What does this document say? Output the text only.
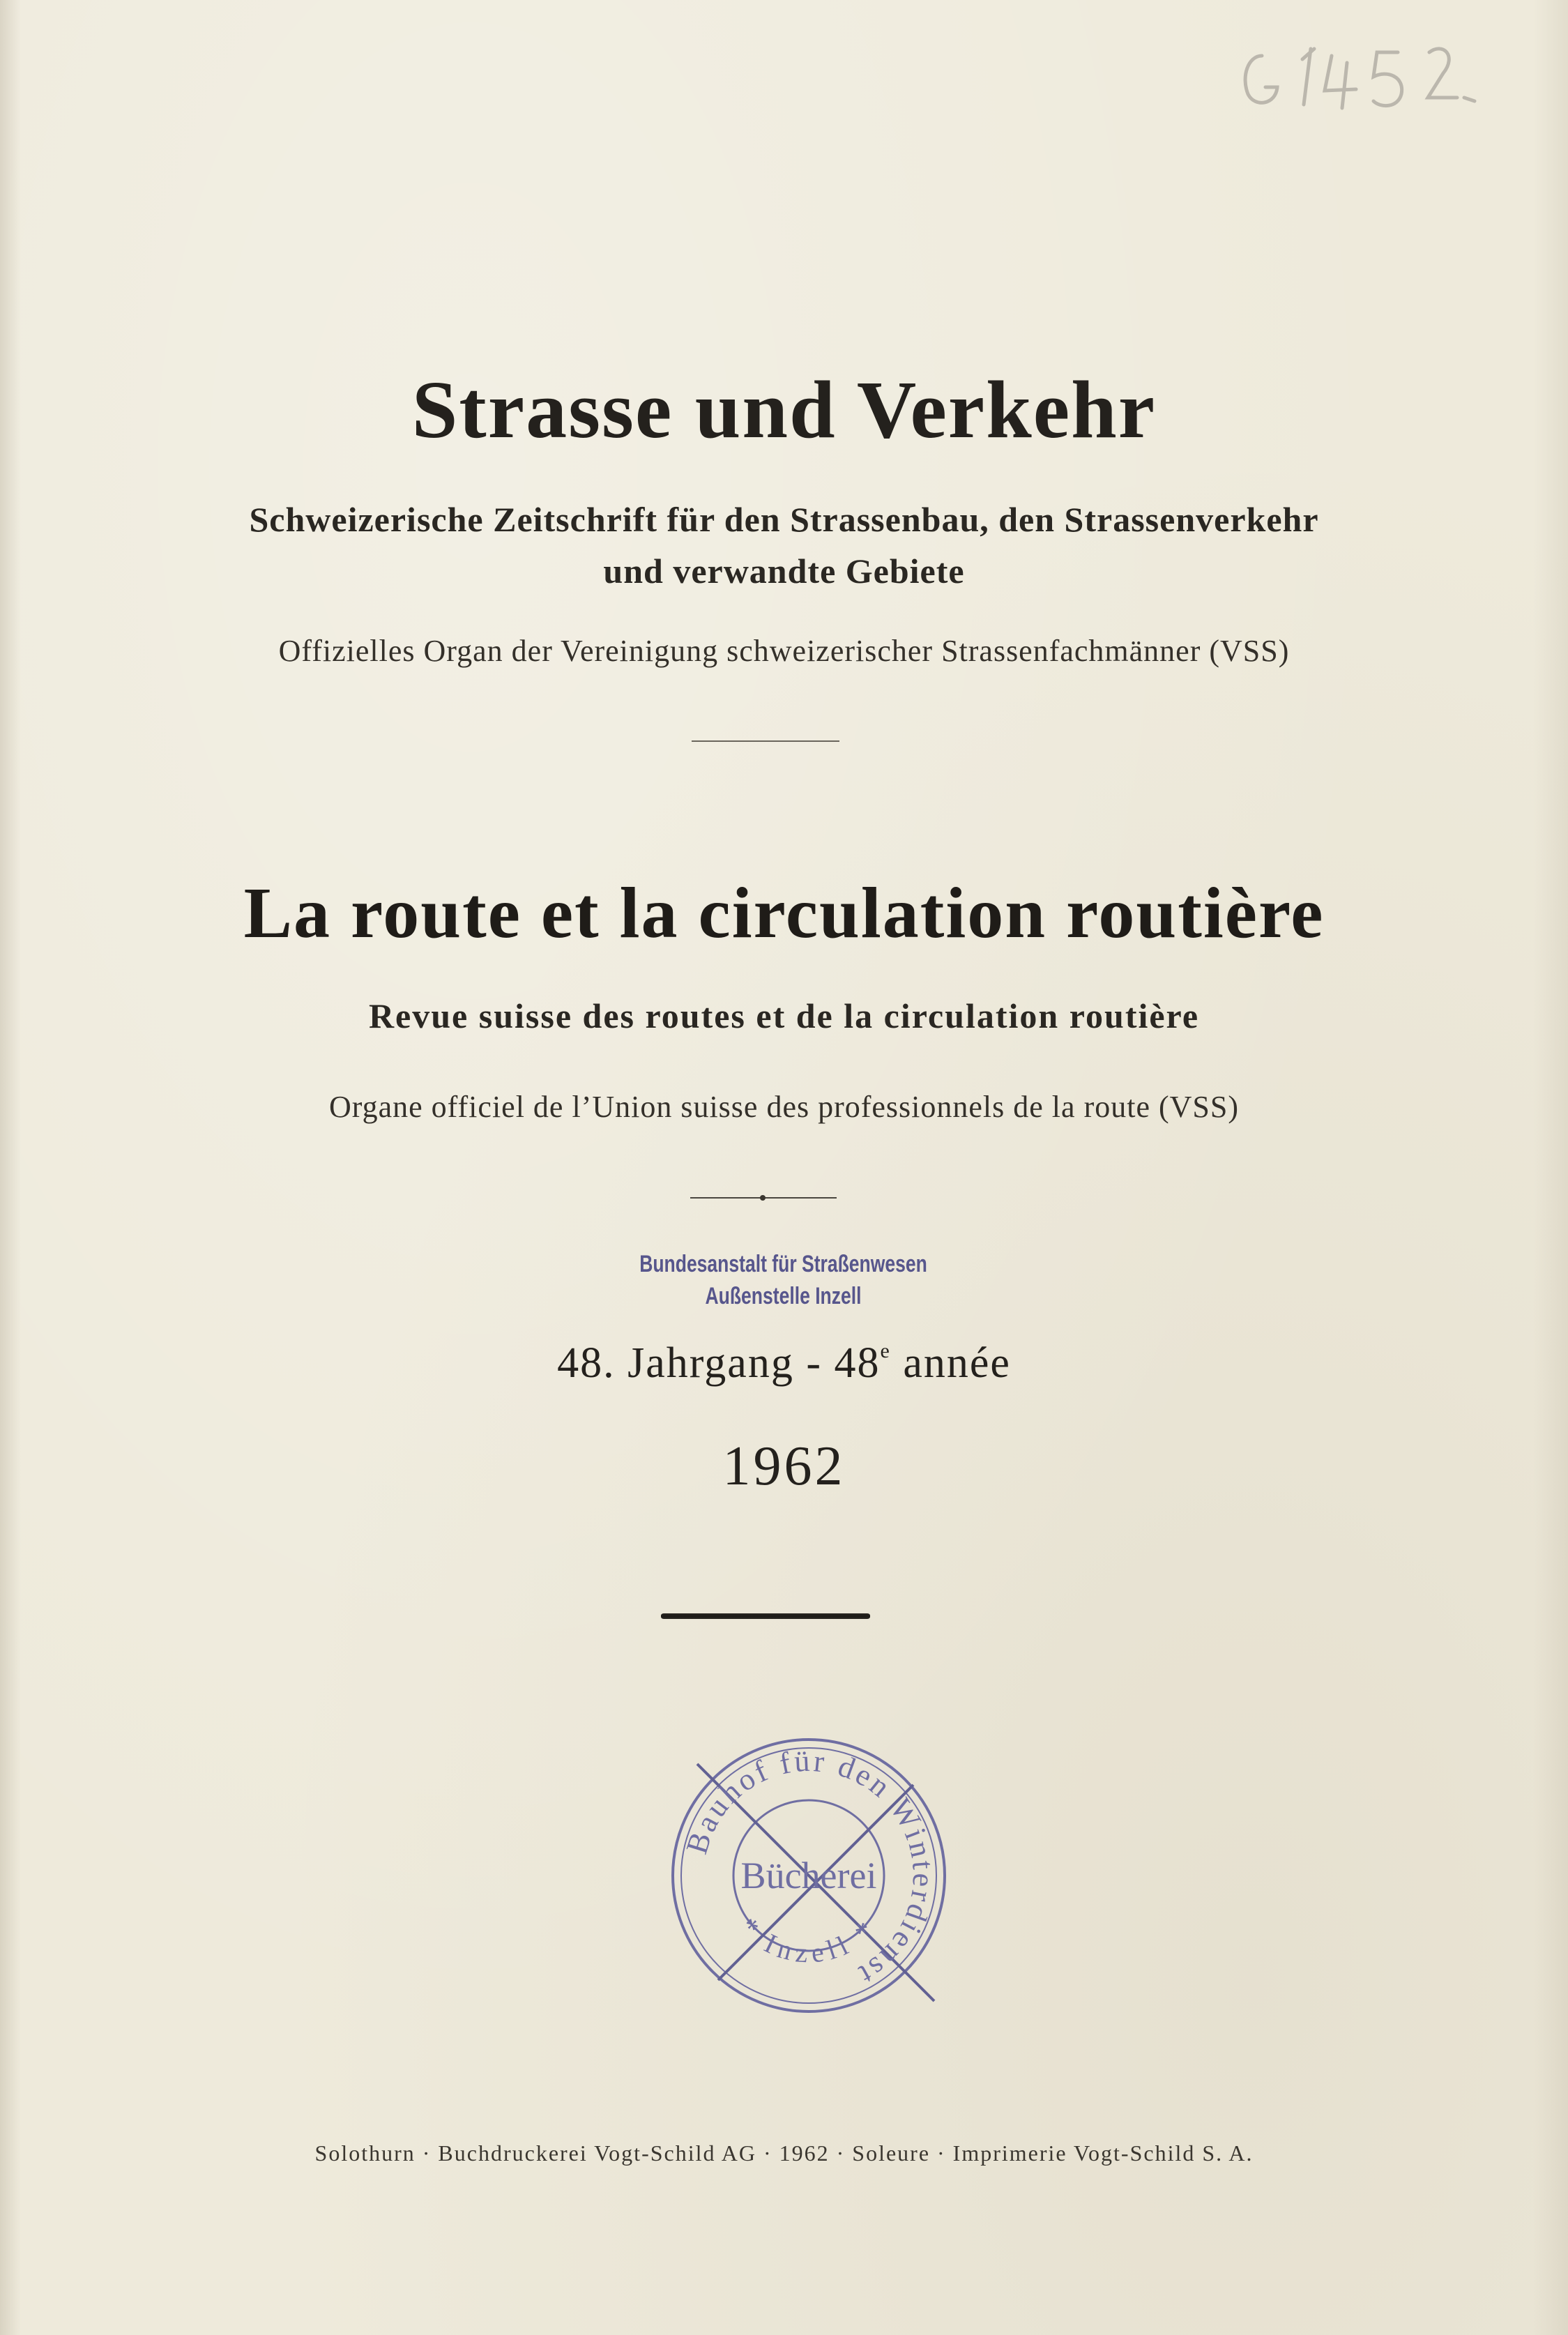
Strasse und Verkehr
Schweizerische Zeitschrift für den Strassenbau, den Strassenverkehr
und verwandte Gebiete
Offizielles Organ der Vereinigung schweizerischer Strassenfachmänner (VSS)
La route et la circulation routière
Revue suisse des routes et de la circulation routière
Organe officiel de l’Union suisse des professionnels de la route (VSS)
Bundesanstalt für Straßenwesen
Außenstelle Inzell
48. Jahrgang - 48e année
1962
Bauhof für den Winterdienst
Bücherei
* Inzell *
Solothurn · Buchdruckerei Vogt-Schild AG · 1962 · Soleure · Imprimerie Vogt-Schild S. A.
